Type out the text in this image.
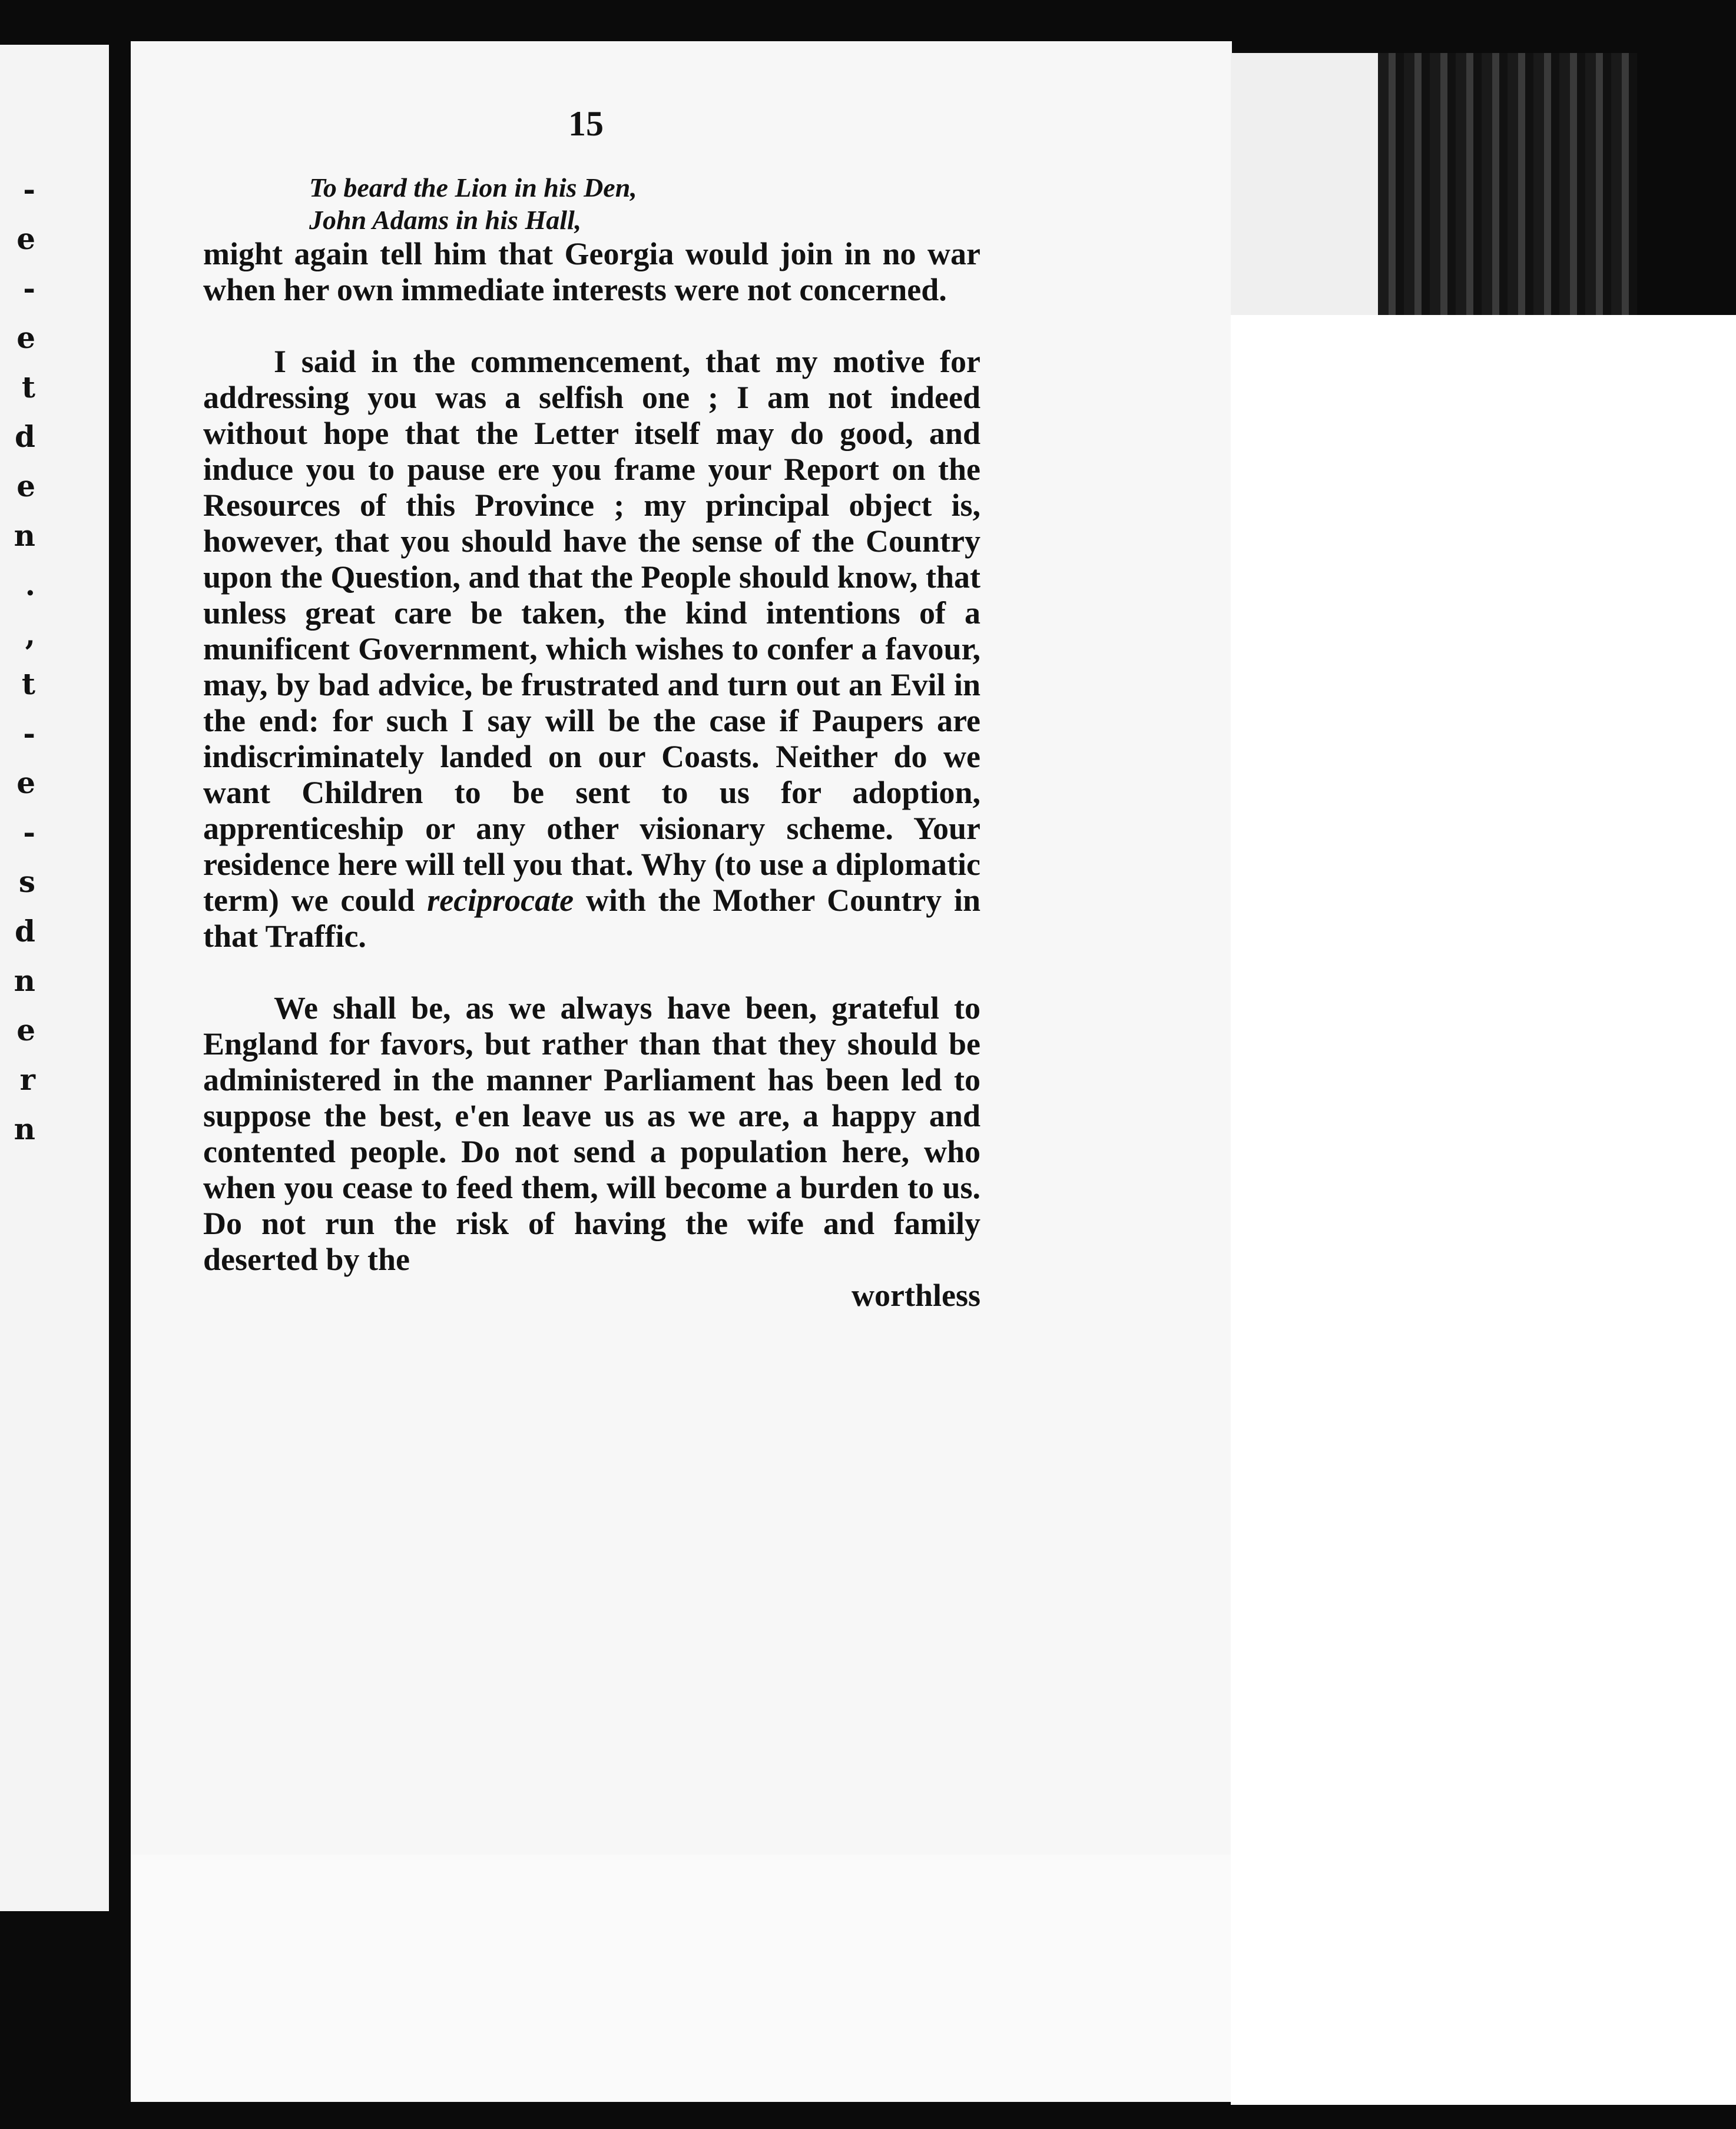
-
e
-
e
t
d
e
n
.
,
t
-
e
-
s
d
n
e
r
n
15
To beard the Lion in his Den,
John Adams in his Hall,

might again tell him that Georgia would join in no war when her own immediate interests were not concerned.

I said in the commencement, that my motive for addressing you was a selfish one ; I am not indeed without hope that the Letter itself may do good, and induce you to pause ere you frame your Report on the Resources of this Province ; my principal object is, however, that you should have the sense of the Country upon the Question, and that the People should know, that unless great care be taken, the kind intentions of a munificent Government, which wishes to confer a favour, may, by bad advice, be frustrated and turn out an Evil in the end: for such I say will be the case if Paupers are indiscriminately landed on our Coasts. Neither do we want Children to be sent to us for adoption, apprenticeship or any other visionary scheme. Your residence here will tell you that. Why (to use a diplomatic term) we could reciprocate with the Mother Country in that Traffic.

We shall be, as we always have been, grateful to England for favors, but rather than that they should be administered in the manner Parliament has been led to suppose the best, e'en leave us as we are, a happy and contented people. Do not send a population here, who when you cease to feed them, will become a burden to us. Do not run the risk of having the wife and family deserted by the

worthless
